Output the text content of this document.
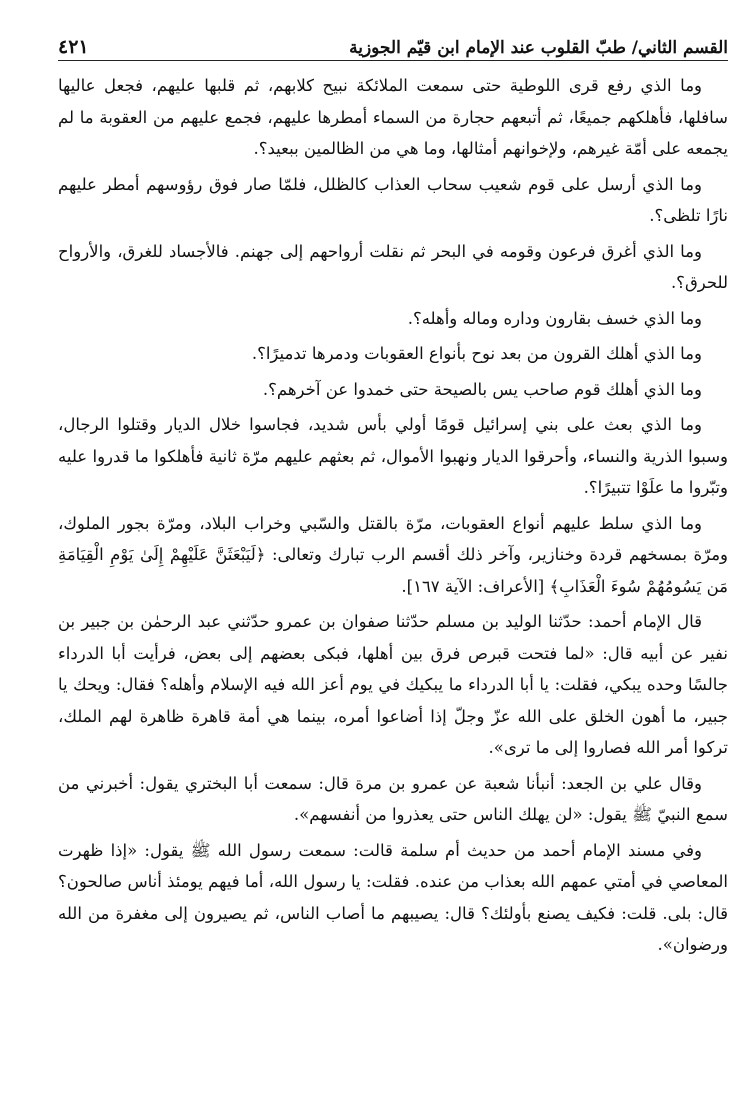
القسم الثاني/ طبّ القلوب عند الإمام ابن قيّم الجوزية
٤٢١

وما الذي رفع قرى اللوطية حتى سمعت الملائكة نبيح كلابهم، ثم قلبها عليهم، فجعل عاليها سافلها، فأهلكهم جميعًا، ثم أتبعهم حجارة من السماء أمطرها عليهم، فجمع عليهم من العقوبة ما لم يجمعه على أمّة غيرهم، ولإخوانهم أمثالها، وما هي من الظالمين ببعيد؟.

وما الذي أرسل على قوم شعيب سحاب العذاب كالظلل، فلمّا صار فوق رؤوسهم أمطر عليهم نارًا تلظى؟.

وما الذي أغرق فرعون وقومه في البحر ثم نقلت أرواحهم إلى جهنم. فالأجساد للغرق، والأرواح للحرق؟.

وما الذي خسف بقارون وداره وماله وأهله؟.

وما الذي أهلك القرون من بعد نوح بأنواع العقوبات ودمرها تدميرًا؟.

وما الذي أهلك قوم صاحب يس بالصيحة حتى خمدوا عن آخرهم؟.

وما الذي بعث على بني إسرائيل قومًا أولي بأس شديد، فجاسوا خلال الديار وقتلوا الرجال، وسبوا الذرية والنساء، وأحرقوا الديار ونهبوا الأموال، ثم بعثهم عليهم مرّة ثانية فأهلكوا ما قدروا عليه وتبّروا ما علَوْا تتبيرًا؟.

وما الذي سلط عليهم أنواع العقوبات، مرّة بالقتل والسّبي وخراب البلاد، ومرّة بجور الملوك، ومرّة بمسخهم قردة وخنازير، وآخر ذلك أقسم الرب تبارك وتعالى: ﴿لَيَبْعَثَنَّ عَلَيْهِمْ إِلَىٰ يَوْمِ الْقِيَامَةِ مَن يَسُومُهُمْ سُوءَ الْعَذَابِ﴾ [الأعراف: الآية ١٦٧].

قال الإمام أحمد: حدّثنا الوليد بن مسلم حدّثنا صفوان بن عمرو حدّثني عبد الرحمٰن بن جبير بن نفير عن أبيه قال: «لما فتحت قبرص فرق بين أهلها، فبكى بعضهم إلى بعض، فرأيت أبا الدرداء جالسًا وحده يبكي، فقلت: يا أبا الدرداء ما يبكيك في يوم أعز الله فيه الإسلام وأهله؟ فقال: ويحك يا جبير، ما أهون الخلق على الله عزّ وجلّ إذا أضاعوا أمره، بينما هي أمة قاهرة ظاهرة لهم الملك، تركوا أمر الله فصاروا إلى ما ترى».

وقال علي بن الجعد: أنبأنا شعبة عن عمرو بن مرة قال: سمعت أبا البختري يقول: أخبرني من سمع النبيّ ﷺ يقول: «لن يهلك الناس حتى يعذروا من أنفسهم».

وفي مسند الإمام أحمد من حديث أم سلمة قالت: سمعت رسول الله ﷺ يقول: «إذا ظهرت المعاصي في أمتي عمهم الله بعذاب من عنده. فقلت: يا رسول الله، أما فيهم يومئذ أناس صالحون؟ قال: بلى. قلت: فكيف يصنع بأولئك؟ قال: يصيبهم ما أصاب الناس، ثم يصيرون إلى مغفرة من الله ورضوان».
